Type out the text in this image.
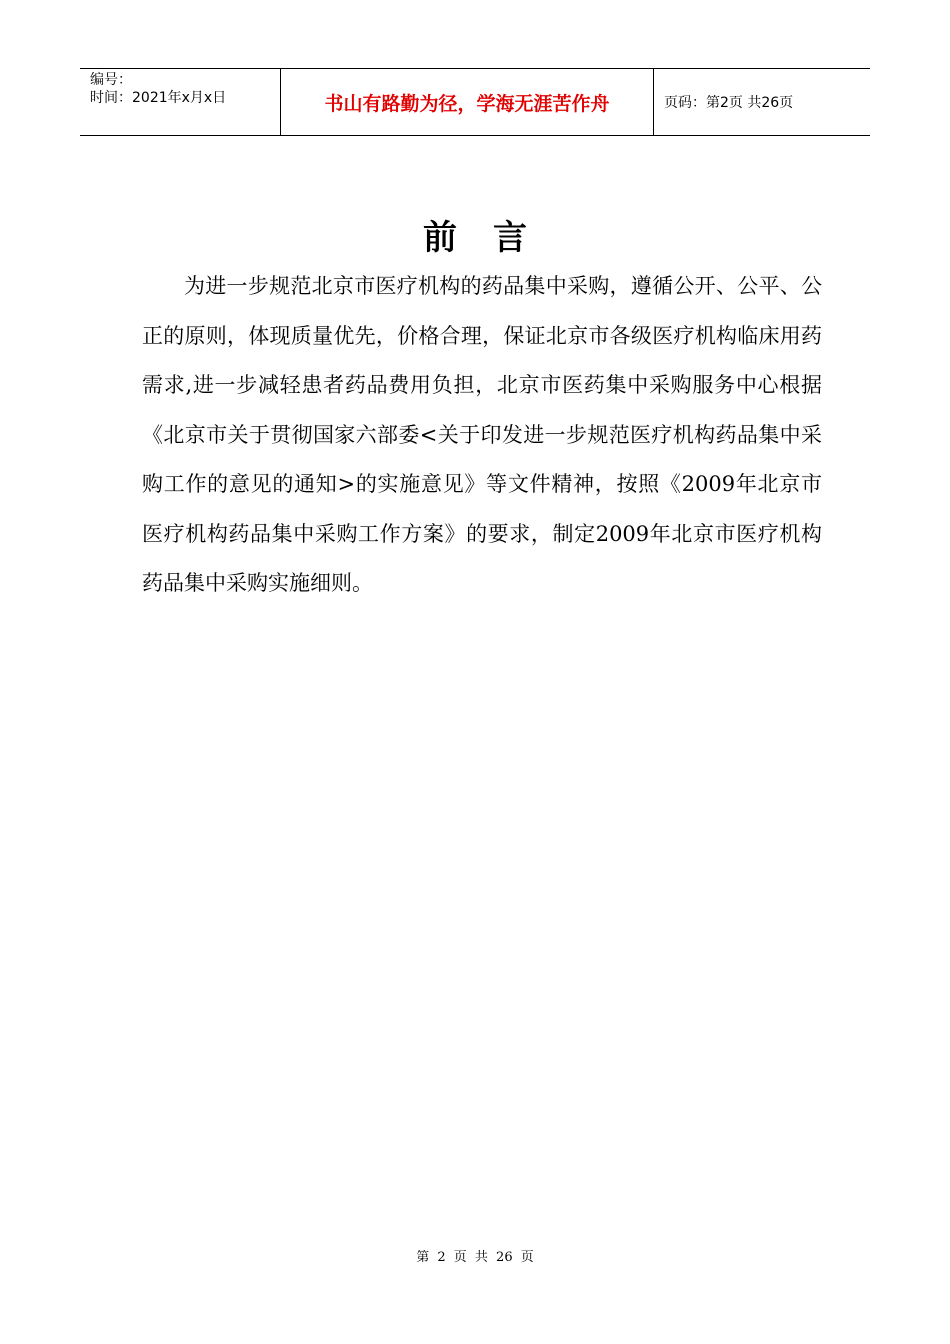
编号：
时间：2021年x月x日	书山有路勤为径，学海无涯苦作舟	页码：第2页 共26页
前言

为进一步规范北京市医疗机构的药品集中采购，遵循公开、公平、公正的原则，体现质量优先，价格合理，保证北京市各级医疗机构临床用药需求,进一步减轻患者药品费用负担，北京市医药集中采购服务中心根据《北京市关于贯彻国家六部委<关于印发进一步规范医疗机构药品集中采购工作的意见的通知>的实施意见》等文件精神，按照《2009年北京市医疗机构药品集中采购工作方案》的要求，制定2009年北京市医疗机构药品集中采购实施细则。

第 2 页 共 26 页
